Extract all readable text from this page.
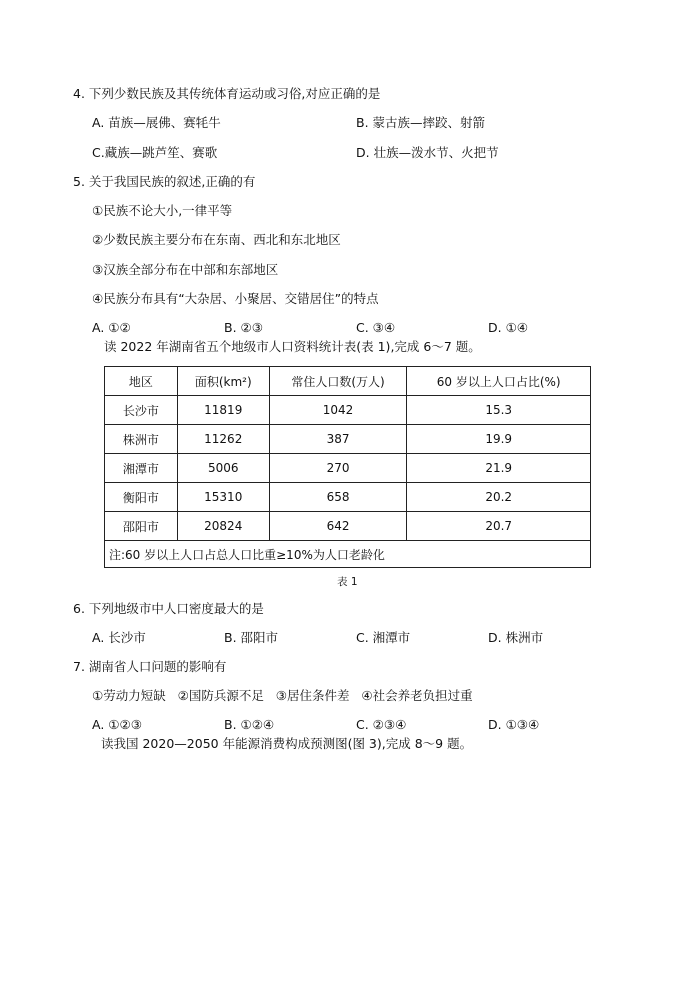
4. 下列少数民族及其传统体育运动或习俗,对应正确的是
A. 苗族—展佛、赛牦牛	B. 蒙古族—摔跤、射箭
C.藏族—跳芦笙、赛歌	D. 壮族—泼水节、火把节
5. 关于我国民族的叙述,正确的有
①民族不论大小,一律平等
②少数民族主要分布在东南、西北和东北地区
③汉族全部分布在中部和东部地区
④民族分布具有“大杂居、小聚居、交错居住”的特点
A. ①②	B. ②③	C. ③④	D. ①④
读 2022 年湖南省五个地级市人口资料统计表(表 1),完成 6～7 题。
地区	面积(km²)	常住人口数(万人)	60 岁以上人口占比(%)
长沙市	11819	1042	15.3
株洲市	11262	387	19.9
湘潭市	5006	270	21.9
衡阳市	15310	658	20.2
邵阳市	20824	642	20.7
注:60 岁以上人口占总人口比重≥10%为人口老龄化			
表 1
6. 下列地级市中人口密度最大的是
A. 长沙市	B. 邵阳市	C. 湘潭市	D. 株洲市
7. 湖南省人口问题的影响有
①劳动力短缺   ②国防兵源不足   ③居住条件差   ④社会养老负担过重
A. ①②③	B. ①②④	C. ②③④	D. ①③④
读我国 2020—2050 年能源消费构成预测图(图 3),完成 8～9 题。
